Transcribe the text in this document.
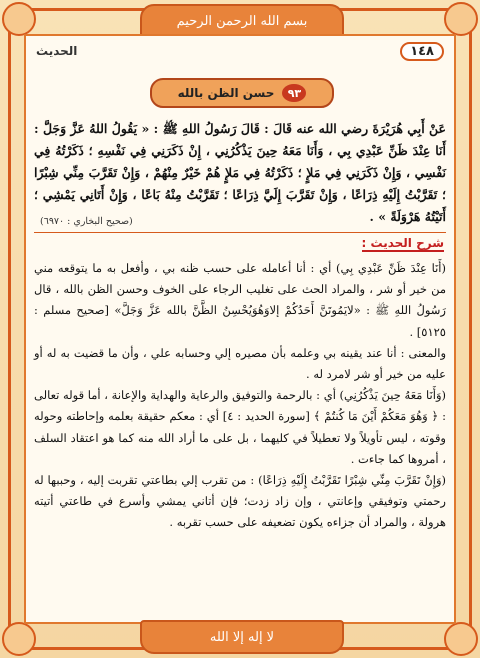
بسم الله الرحمن الرحيم
١٤٨
الحديث
٩٣
حسن الظن بالله
عَنْ أَبِي هُرَيْرَةَ رضي الله عنه قَالَ : قَالَ رَسُولُ اللهِ ﷺ : « يَقُولُ اللهُ عَزَّ وَجَلَّ : أَنَا عِنْدَ ظَنِّ عَبْدِي بِي ، وَأَنَا مَعَهُ حِينَ يَذْكُرُنِي ، إِنْ ذَكَرَنِي فِي نَفْسِهِ ؛ ذَكَرْتُهُ فِي نَفْسِي ، وَإِنْ ذَكَرَنِي فِي مَلإٍ ؛ ذَكَرْتُهُ فِي مَلإٍ هُمْ خَيْرٌ مِنْهُمْ ، وَإِنْ تَقَرَّبَ مِنِّي شِبْرًا ؛ تَقَرَّبْتُ إِلَيْهِ ذِرَاعًا ، وَإِنْ تَقَرَّبَ إِلَيَّ ذِرَاعًا ؛ تَقَرَّبْتُ مِنْهُ بَاعًا ، وَإِنْ أَتَانِي يَمْشِي ؛ أَتَيْتُهُ هَرْوَلَةً » .
(صحيح البخاري : ٦٩٧٠)
شرح الحديث :

(أَنَا عِنْدَ ظَنِّ عَبْدِي بِي) أي : أنا أعامله على حسب ظنه بي ، وأفعل به ما يتوقعه مني من خير أو شر ، والمراد الحث على تغليب الرجاء على الخوف وحسن الظن بالله ، قال رَسُولُ اللهِ ﷺ : «لايَمُوتَنَّ أَحَدُكُمْ إلاوَهُوَيُحْسِنُ الظَّنَّ بالله عَزَّ وَجَلَّ» [صحيح مسلم : ٥١٢٥] .

والمعنى : أنا عند يقينه بي وعلمه بأن مصيره إلي وحسابه علي ، وأن ما قضيت به له أو عليه من خير أو شر لامرد له .

(وَأَنَا مَعَهُ حِينَ يَذْكُرُنِي) أي : بالرحمة والتوفيق والرعاية والهداية والإعانة ، أما قوله تعالى : ﴿ وَهُوَ مَعَكُمْ أَيْنَ مَا كُنتُمْ ﴾ [سورة الحديد : ٤] أي : معكم حقيقة بعلمه وإحاطته وحوله وقوته ، ليس تأويلاً ولا تعطيلاً في كليهما ، بل على ما أراد الله منه كما هو اعتقاد السلف ، أمروها كما جاءت .

(وَإِنْ تَقَرَّبَ مِنِّي شِبْرًا تَقَرَّبْتُ إِلَيْهِ ذِرَاعًا) : من تقرب إلي بطاعتي تقربت إليه ، وحببها له رحمتي وتوفيقي وإعانتي ، وإن زاد زدت؛ فإن أتاني يمشي وأسرع في طاعتي أتيته هرولة ، والمراد أن جزاءه يكون تضعيفه على حسب تقربه .

لا إله إلا الله
